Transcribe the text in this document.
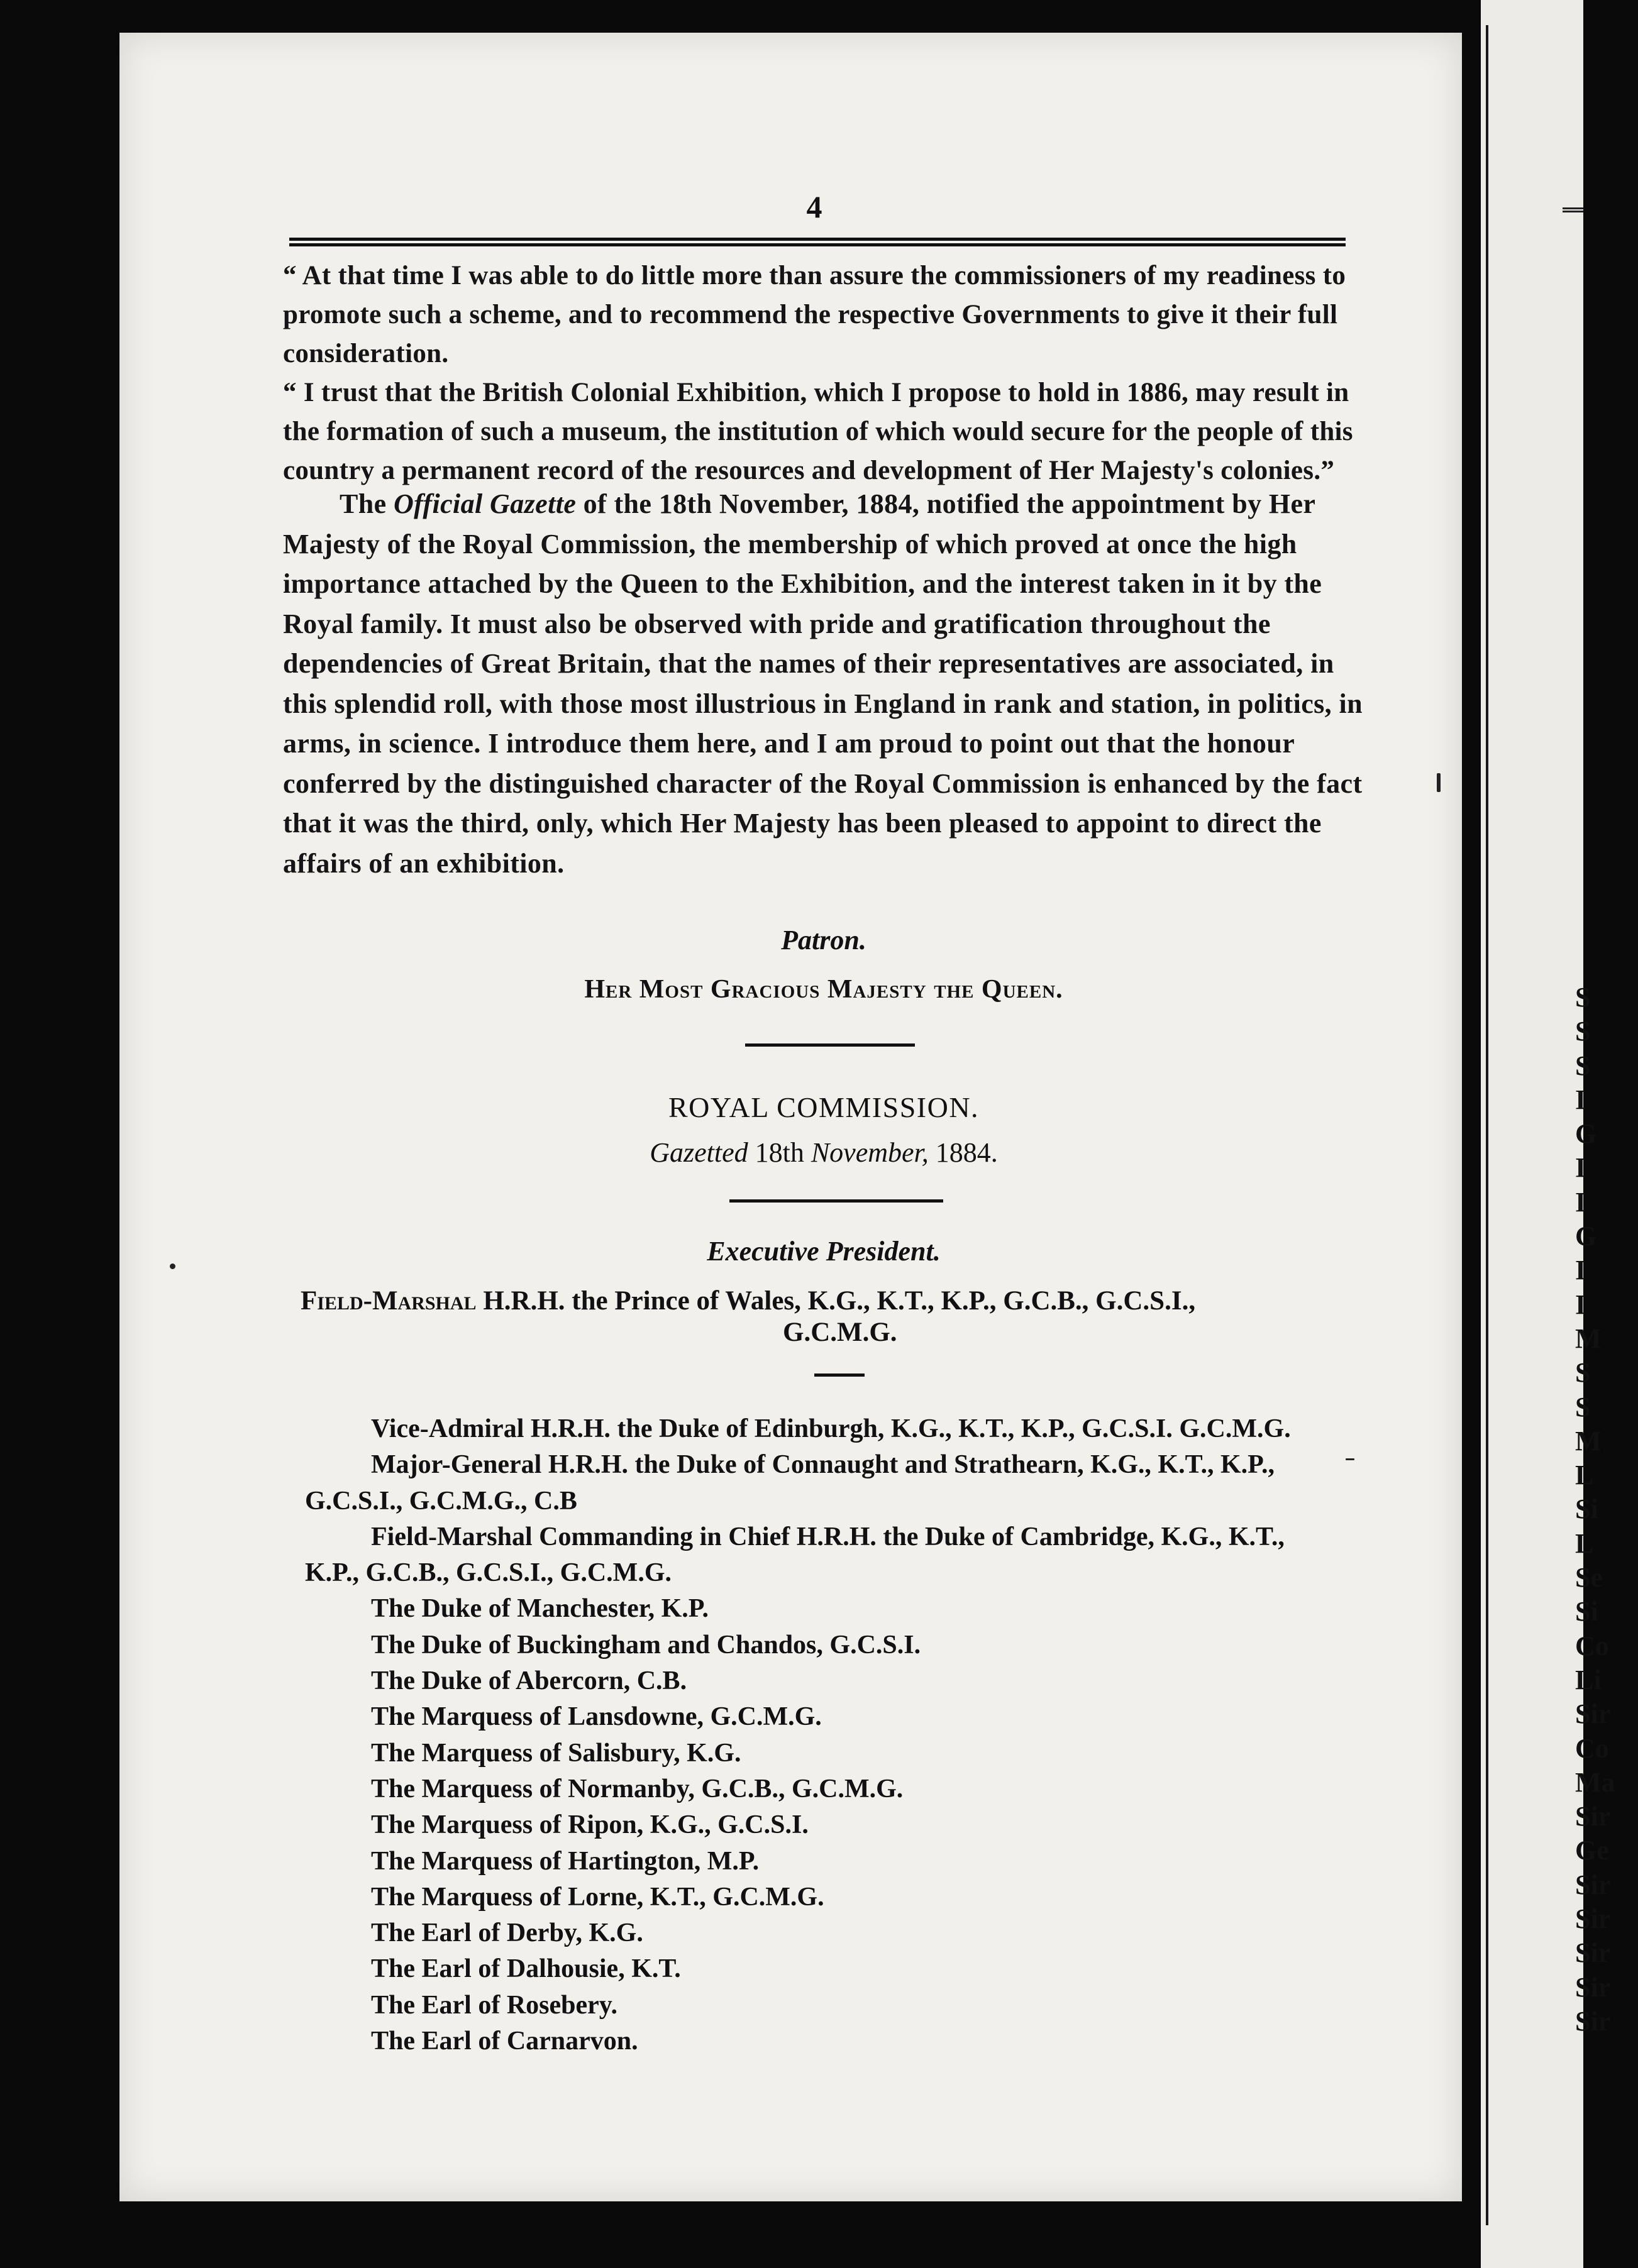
S
S
S
I
G
I
I
G
I
I
M
S
S
M
L
Si
L
Se
Si
Co
Li
Sir
Co
Ma
Sir
Ge
Sir
Sir
Sir
Sir
Sir
4

“ At that time I was able to do little more than assure the commissioners of my readiness to promote such a scheme, and to recommend the respective Governments to give it their full consideration.

“ I trust that the British Colonial Exhibition, which I propose to hold in 1886, may result in the formation of such a museum, the institution of which would secure for the people of this country a permanent record of the resources and development of Her Majesty's colonies.”

The Official Gazette of the 18th November, 1884, notified the appointment by Her Majesty of the Royal Commission, the membership of which proved at once the high importance attached by the Queen to the Exhibition, and the interest taken in it by the Royal family. It must also be observed with pride and gratification throughout the dependencies of Great Britain, that the names of their representatives are associated, in this splendid roll, with those most illustrious in England in rank and station, in politics, in arms, in science. I introduce them here, and I am proud to point out that the honour conferred by the distinguished character of the Royal Commission is enhanced by the fact that it was the third, only, which Her Majesty has been pleased to appoint to direct the affairs of an exhibition.

Patron.
Her Most Gracious Majesty the Queen.
ROYAL COMMISSION.
Gazetted 18th November, 1884.
Executive President.
Field-Marshal H.R.H. the Prince of Wales, K.G., K.T., K.P., G.C.B., G.C.S.I.,
G.C.M.G.
Vice-Admiral H.R.H. the Duke of Edinburgh, K.G., K.T., K.P., G.C.S.I. G.C.M.G.
Major-General H.R.H. the Duke of Connaught and Strathearn, K.G., K.T., K.P.,
G.C.S.I., G.C.M.G., C.B
Field-Marshal Commanding in Chief H.R.H. the Duke of Cambridge, K.G., K.T.,
K.P., G.C.B., G.C.S.I., G.C.M.G.
The Duke of Manchester, K.P.
The Duke of Buckingham and Chandos, G.C.S.I.
The Duke of Abercorn, C.B.
The Marquess of Lansdowne, G.C.M.G.
The Marquess of Salisbury, K.G.
The Marquess of Normanby, G.C.B., G.C.M.G.
The Marquess of Ripon, K.G., G.C.S.I.
The Marquess of Hartington, M.P.
The Marquess of Lorne, K.T., G.C.M.G.
The Earl of Derby, K.G.
The Earl of Dalhousie, K.T.
The Earl of Rosebery.
The Earl of Carnarvon.
